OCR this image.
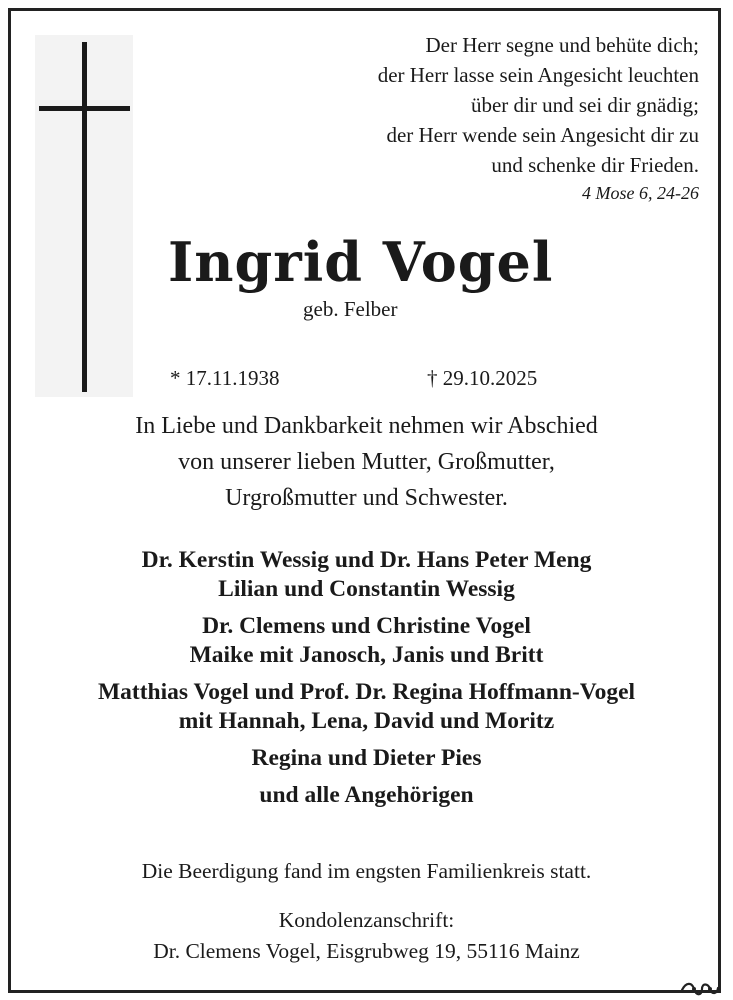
Der Herr segne und behüte dich;
der Herr lasse sein Angesicht leuchten
über dir und sei dir gnädig;
der Herr wende sein Angesicht dir zu
und schenke dir Frieden.
4 Mose 6, 24-26
Ingrid Vogel
geb. Felber
* 17.11.1938	† 29.10.2025
In Liebe und Dankbarkeit nehmen wir Abschied
von unserer lieben Mutter, Großmutter,
Urgroßmutter und Schwester.
Dr. Kerstin Wessig und Dr. Hans Peter Meng
Lilian und Constantin Wessig
Dr. Clemens und Christine Vogel
Maike mit Janosch, Janis und Britt
Matthias Vogel und Prof. Dr. Regina Hoffmann-Vogel
mit Hannah, Lena, David und Moritz
Regina und Dieter Pies
und alle Angehörigen
Die Beerdigung fand im engsten Familienkreis statt.
Kondolenzanschrift:
Dr. Clemens Vogel, Eisgrubweg 19, 55116 Mainz
